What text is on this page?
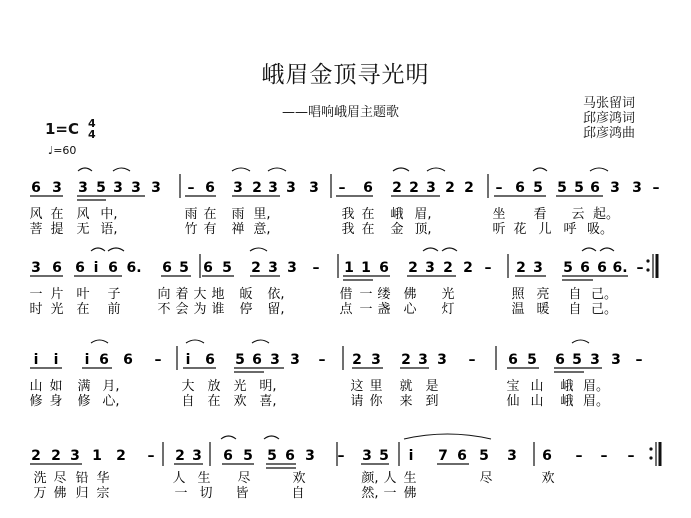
峨眉金顶寻光明
——唱响峨眉主题歌
马张留词
邱彦鸿词
邱彦鸿曲
1=C 4
4
♩=60
6 3 3 5 3 3 3 – 6 3 2 3 3 3 – 6 2 2 3 2 2 – 6 5 5 5 6 3 3 –
风 在 风 中,	雨 在 雨 里,	我 在 峨 眉,	坐 看 云 起。
菩 提 无 语,	竹 有 禅 意,	我 在 金 顶,	听 花 儿 呼 吸。
3 6 6 i 6 6. 6 5 6 5 2 3 3 – 1 1 6 2 3 2 2 – 2 3 5 6 6 6. –
一 片 叶 子	向 着 大 地 皈 依,	借 一 缕 佛 光	照 亮 自 己。
时 光 在 前	不 会 为 谁 停 留,	点 一 盏 心 灯	温 暖 自 己。
i i i 6 6 – i 6 5 6 3 3 – 2 3 2 3 3 – 6 5 6 5 3 3 –
山 如 满 月,	大 放 光 明,	这 里 就 是	宝 山 峨 眉。
修 身 修 心,	自 在 欢 喜,	请 你 来 到	仙 山 峨 眉。
2 2 3 1 2 – 2 3 6 5 5 6 3 – 3 5 i 7 6 5 3 6 – – –
洗 尽 铅 华	人 生 尽	欢	颜, 人 生	尽	欢
万 佛 归 宗	一 切 皆	自	然, 一 佛
